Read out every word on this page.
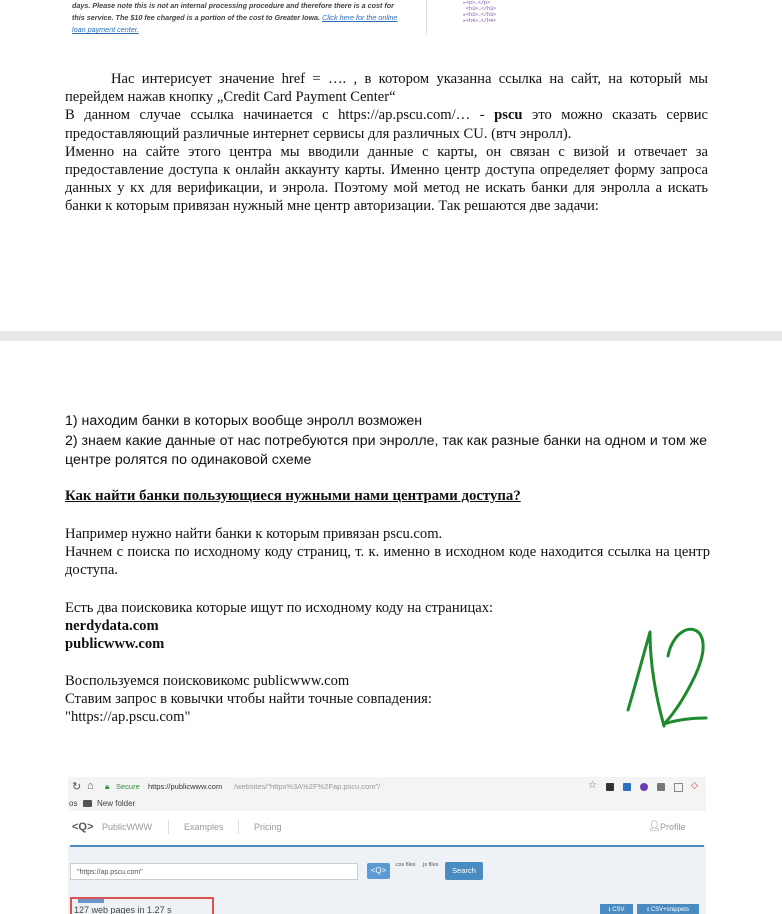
days. Please note this is not an internal processing procedure and therefore there is a cost for this service. The $10 fee charged is a portion of the cost to Greater Iowa. Click here for the online loan payment center.
▸<p>…</p>
<h3>…</h3>
▸<h3>…</h3>
▸<h4>…</h4>
Нас интерисует значение href = …. , в котором указанна ссылка на сайт, на который мы перейдем нажав кнопку „Credit Card Payment Center“
В данном случае ссылка начинается с https://ap.pscu.com/… - pscu это можно сказать сервис предоставляющий различные интернет сервисы для различных CU. (втч энролл).
Именно на сайте этого центра мы вводили данные с карты, он связан с визой и отвечает за предоставление доступа к онлайн аккаунту карты. Именно центр доступа определяет форму запроса данных у кх для верификации, и энрола. Поэтому мой метод не искать банки для энролла а искать банки к которым привязан нужный мне центр авторизации. Так решаются две задачи:
1) находим банки в которых вообще энролл возможен
2) знаем какие данные от нас потребуются при энролле, так как разные банки на одном и том же центре ролятся по одинаковой схеме
Как найти банки пользующиеся нужными нами центрами доступа?
Например нужно найти банки к которым привязан pscu.com.
Начнем с поиска по исходному коду страниц, т. к. именно в исходном коде находится ссылка на центр доступа.
Есть два поисковика которые ищут по исходному коду на страницах:
nerdydata.com
publicwww.com
Воспользуемся поисковикомс publicwww.com
Ставим запрос в ковычки чтобы найти точные совпадения:
"https://ap.pscu.com"
↻ ⌂ 🔒︎ Secure https://publicwww.com /websites/"https%3A%2F%2Fap.pscu.com"/	☆	◇
os New folder
<Q> PublicWWW	Examples	Pricing	👤︎ Profile
"https://ap.pscu.com"	<Q>
.css files	.js files
Search
127 web pages in 1.27 s	⭳ CSV	⭳ CSV+snippets
